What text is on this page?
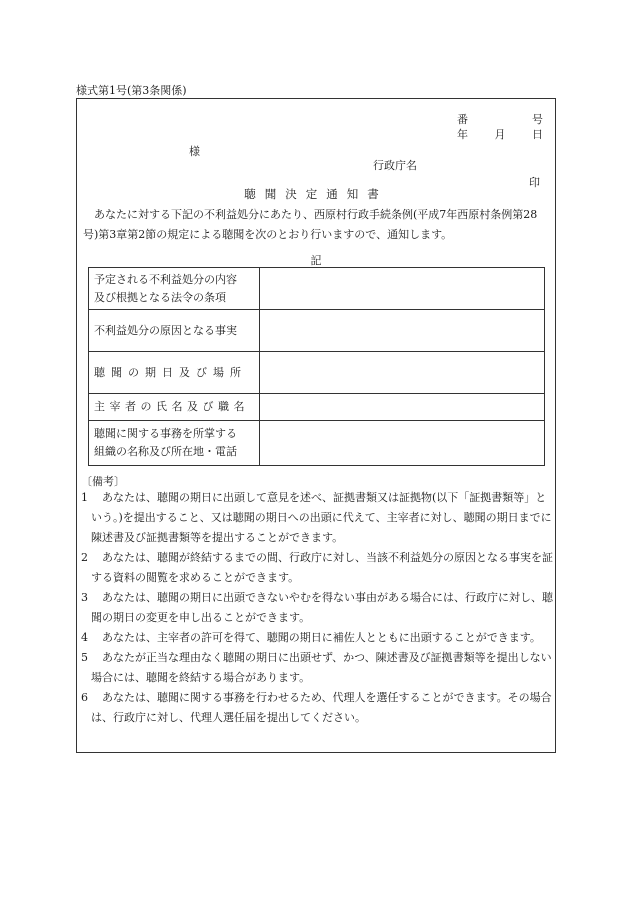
様式第1号(第3条関係)
番	号
年 月 日
様
行政庁名
印
聴聞決定通知書
　あなたに対する下記の不利益処分にあたり、西原村行政手続条例(平成7年西原村条例第28号)第3章第2節の規定による聴聞を次のとおり行いますので、通知します。
記
予定される不利益処分の内容
及び根拠となる法令の条項	

不利益処分の原因となる事実	

聴聞の期日及び場所	

主宰者の氏名及び職名	

聴聞に関する事務を所掌する
組織の名称及び所在地・電話	

〔備考〕
1
　 あなたは、聴聞の期日に出頭して意見を述べ、証拠書類又は証拠物(以下「証拠書類等」という。)を提出すること、又は聴聞の期日への出頭に代えて、主宰者に対し、聴聞の期日までに陳述書及び証拠書類等を提出することができます。
2
　 あなたは、聴聞が終結するまでの間、行政庁に対し、当該不利益処分の原因となる事実を証する資料の閲覧を求めることができます。
3
　 あなたは、聴聞の期日に出頭できないやむを得ない事由がある場合には、行政庁に対し、聴聞の期日の変更を申し出ることができます。
4
　 あなたは、主宰者の許可を得て、聴聞の期日に補佐人とともに出頭することができます。
5
　 あなたが正当な理由なく聴聞の期日に出頭せず、かつ、陳述書及び証拠書類等を提出しない場合には、聴聞を終結する場合があります。
6
　 あなたは、聴聞に関する事務を行わせるため、代理人を選任することができます。その場合は、行政庁に対し、代理人選任届を提出してください。
